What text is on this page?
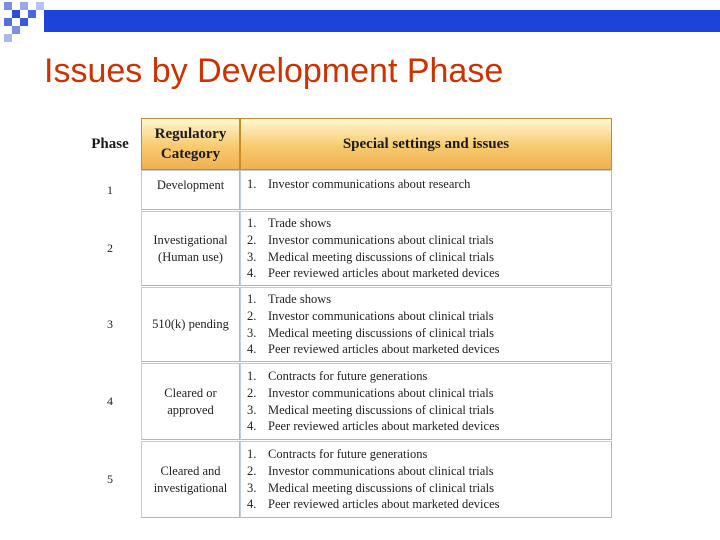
Issues by Development Phase
Phase
Regulatory Category
Special settings and issues
1	Development 1. Investor communications about research
2
Investigational (Human use)
1. Trade shows
2. Investor communications about clinical trials
3. Medical meeting discussions of clinical trials
4. Peer reviewed articles about marketed devices
3	510(k) pending
1. Trade shows
2. Investor communications about clinical trials
3. Medical meeting discussions of clinical trials
4. Peer reviewed articles about marketed devices
4
Cleared or approved
1. Contracts for future generations
2. Investor communications about clinical trials
3. Medical meeting discussions of clinical trials
4. Peer reviewed articles about marketed devices
5
Cleared and investigational
1. Contracts for future generations
2. Investor communications about clinical trials
3. Medical meeting discussions of clinical trials
4. Peer reviewed articles about marketed devices
